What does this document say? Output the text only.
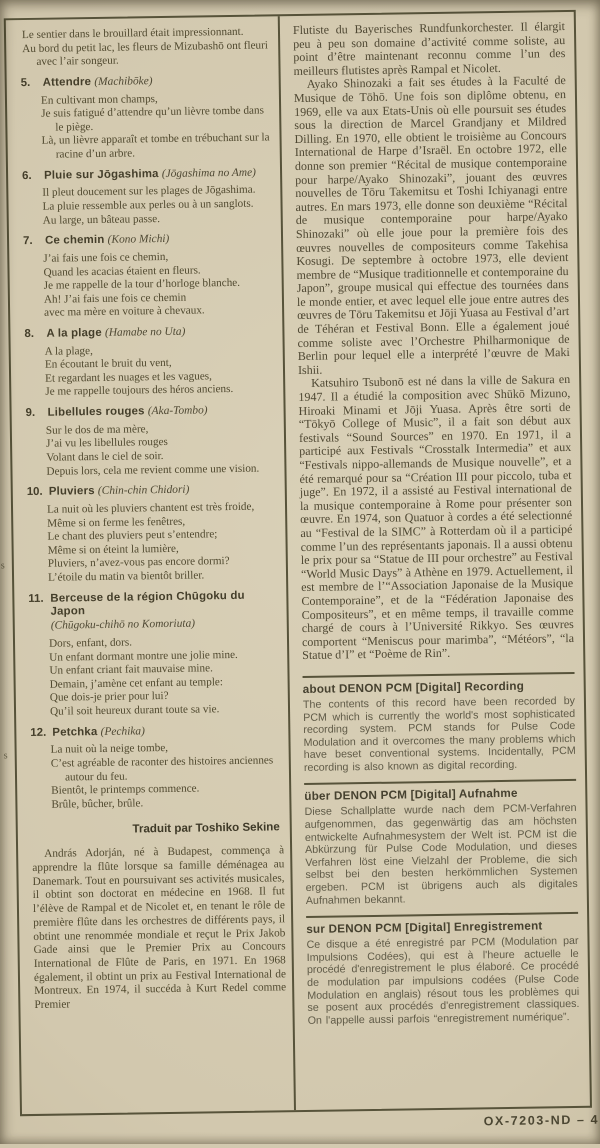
Le sentier dans le brouillard était impressionnant.
Au bord du petit lac, les fleurs de Mizubashō ont fleuri avec l’air songeur.
5.	Attendre (Machibōke)
En cultivant mon champs,
Je suis fatigué d’attendre qu’un lièvre tombe dans le piège.
Là, un lièvre apparaît et tombe en trébuchant sur la racine d’un arbre.
6.	Pluie sur Jōgashima (Jōgashima no Ame)
Il pleut doucement sur les plages de Jōgashima.
La pluie ressemble aux perles ou à un sanglots.
Au large, un bâteau passe.
7.	Ce chemin (Kono Michi)
J’ai fais une fois ce chemin,
Quand les acacias étaient en fleurs.
Je me rappelle de la tour d’horloge blanche.
Ah! J’ai fais une fois ce chemin
avec ma mère en voiture à chevaux.
8.	A la plage (Hamabe no Uta)
A la plage,
En écoutant le bruit du vent,
Et regardant les nuages et les vagues,
Je me rappelle toujours des héros anciens.
9.	Libellules rouges (Aka-Tombo)
Sur le dos de ma mère,
J’ai vu les libellules rouges
Volant dans le ciel de soir.
Depuis lors, cela me revient comme une vision.
10. Pluviers (Chin-chin Chidori)
La nuit où les pluviers chantent est très froide,
Même si on ferme les fenêtres,
Le chant des pluviers peut s’entendre;
Même si on éteint la lumière,
Pluviers, n’avez-vous pas encore dormi?
L’étoile du matin va bientôt briller.
11. Berceuse de la région Chūgoku du Japon
(Chūgoku-chihō no Komoriuta)
Dors, enfant, dors.
Un enfant dormant montre une jolie mine.
Un enfant criant fait mauvaise mine.
Demain, j’amène cet enfant au temple:
Que dois-je prier pour lui?
Qu’il soit heureux durant toute sa vie.
12. Petchka (Pechika)
La nuit où la neige tombe,
C’est agréable de raconter des histoires anciennes autour du feu.
Bientôt, le printemps commence.
Brûle, bûcher, brûle.
Traduit par Toshiko Sekine

András Adorján, né à Budapest, commença à apprendre la flûte lorsque sa famille déménagea au Danemark. Tout en poursuivant ses activités musicales, il obtint son doctorat en médecine en 1968. Il fut l’élève de Rampal et de Nicolet et, en tenant le rôle de première flûte dans les orchestres de différents pays, il obtint une renommée mondiale et reçut le Prix Jakob Gade ainsi que le Premier Prix au Concours International de Flûte de Paris, en 1971. En 1968 également, il obtint un prix au Festival International de Montreux. En 1974, il succéda à Kurt Redel comme Premier

Flutiste du Bayerisches Rundfunkorchester. Il élargit peu à peu son domaine d’activité comme soliste, au point d’être maintenant reconnu comme l’un des meilleurs flutistes après Rampal et Nicolet.

Ayako Shinozaki a fait ses études à la Faculté de Musique de Tōhō. Une fois son diplôme obtenu, en 1969, elle va aux Etats-Unis où elle poursuit ses études sous la direction de Marcel Grandjany et Mildred Dilling. En 1970, elle obtient le troisième au Concours International de Harpe d’Israël. En octobre 1972, elle donne son premier “Récital de musique contemporaine pour harpe/Ayako Shinozaki”, jouant des œuvres nouvelles de Tōru Takemitsu et Toshi Ichiyanagi entre autres. En mars 1973, elle donne son deuxième “Récital de musique contemporaine pour harpe/Ayako Shinozaki” où elle joue pour la première fois des œuvres nouvelles de compositeurs comme Takehisa Kosugi. De septembre à octobre 1973, elle devient membre de “Musique traditionnelle et contemporaine du Japon”, groupe musical qui effectue des tournées dans le monde entier, et avec lequel elle joue entre autres des œuvres de Tōru Takemitsu et Jōji Yuasa au Festival d’art de Téhéran et Festival Bonn. Elle a également joué comme soliste avec l’Orchestre Philharmonique de Berlin pour lequel elle a interprété l’œuvre de Maki Ishii.

Katsuhiro Tsubonō est né dans la ville de Sakura en 1947. Il a étudié la composition avec Shūkō Mizuno, Hiroaki Minami et Jōji Yuasa. Après être sorti de “Tōkyō College of Music”, il a fait son début aux festivals “Sound Sources” en 1970. En 1971, il a participé aux Festivals “Crosstalk Intermedia” et aux “Festivals nippo-allemands de Musique nouvelle”, et a été remarqué pour sa “Création III pour piccolo, tuba et juge”. En 1972, il a assisté au Festival international de la musique contemporaine à Rome pour présenter son œuvre. En 1974, son Quatuor à cordes a été selectionné au “Festival de la SIMC” à Rotterdam où il a participé comme l’un des représentants japonais. Il a aussi obtenu le prix pour sa “Statue de III pour orchestre” au Festival “World Music Days” à Athène en 1979. Actuellement, il est membre de l’“Association Japonaise de la Musique Contemporaine”, et de la “Fédération Japonaise des Compositeurs”, et en même temps, il travaille comme chargé de cours à l’Université Rikkyo. Ses œuvres comportent “Meniscus pour marimba”, “Météors”, “la Statue d’I” et “Poème de Rin”.

about DENON PCM [Digital] Recording

The contents of this record have been recorded by PCM which is currently the world's most sophisticated recording system. PCM stands for Pulse Code Modulation and it overcomes the many problems which have beset conventional systems. Incidentally, PCM recording is also known as digital recording.

über DENON PCM [Digital] Aufnahme

Diese Schallplatte wurde nach dem PCM-Verfahren aufgenommen, das gegenwärtig das am höchsten entwickelte Aufnahmesystem der Welt ist. PCM ist die Abkürzung für Pulse Code Modulation, und dieses Verfahren löst eine Vielzahl der Probleme, die sich selbst bei den besten herkömmlichen Systemen ergeben. PCM ist übrigens auch als digitales Aufnahmen bekannt.

sur DENON PCM [Digital] Enregistrement

Ce disque a été enregistré par PCM (Modulation par Impulsions Codées), qui est à l'heure actuelle le procédé d'enregistrement le plus élaboré. Ce procédé de modulation par impulsions codées (Pulse Code Modulation en anglais) résout tous les problèmes qui se posent aux procédés d'enregistrement classiques. On l'appelle aussi parfois “enregistrement numérique”.

OX-7203-ND – 4
s
s
